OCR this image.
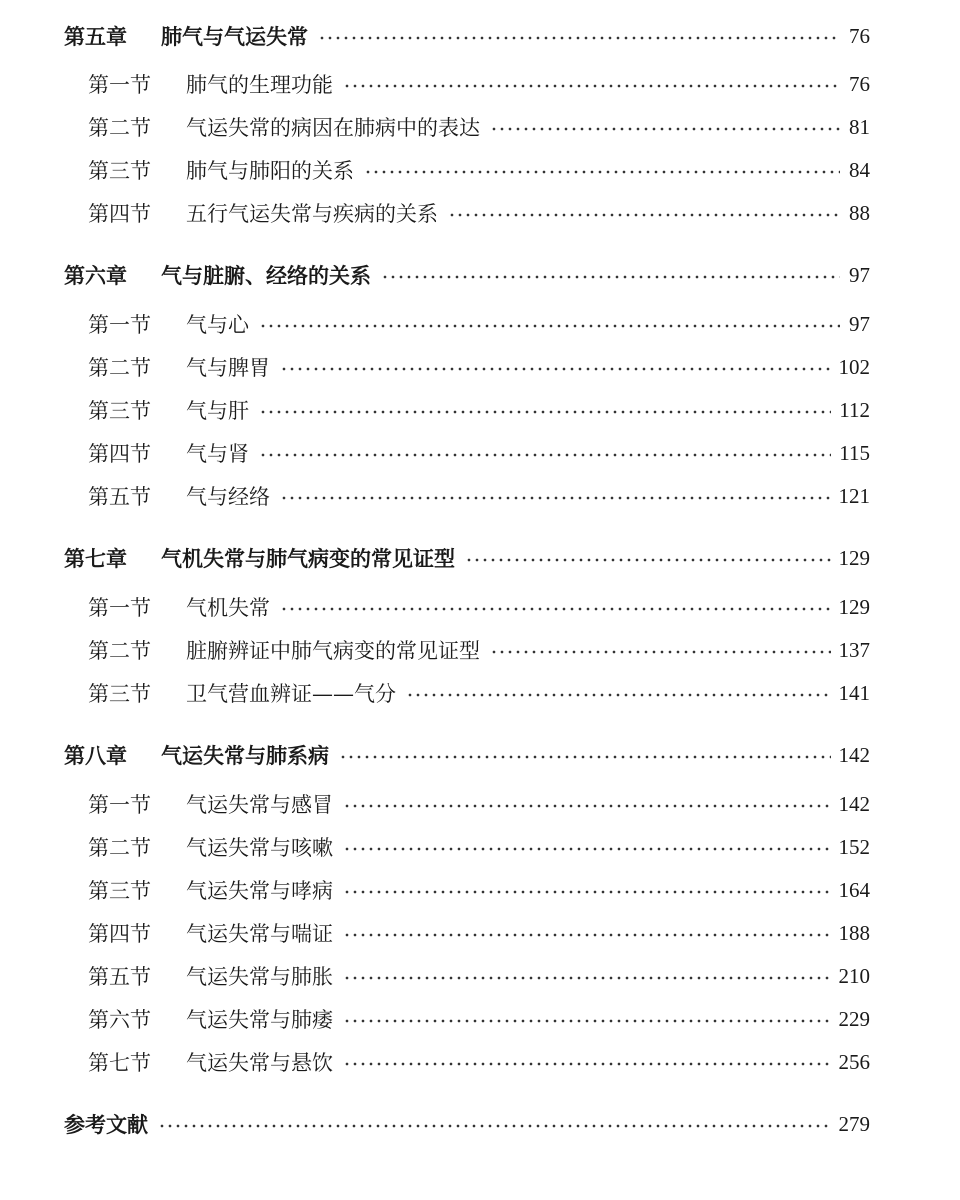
第五章	肺气与气运失常	76
第一节	肺气的生理功能	76
第二节	气运失常的病因在肺病中的表达	81
第三节	肺气与肺阳的关系	84
第四节	五行气运失常与疾病的关系	88
第六章	气与脏腑、经络的关系	97
第一节	气与心	97
第二节	气与脾胃	102
第三节	气与肝	112
第四节	气与肾	115
第五节	气与经络	121
第七章	气机失常与肺气病变的常见证型	129
第一节	气机失常	129
第二节	脏腑辨证中肺气病变的常见证型	137
第三节	卫气营血辨证——气分	141
第八章	气运失常与肺系病	142
第一节	气运失常与感冒	142
第二节	气运失常与咳嗽	152
第三节	气运失常与哮病	164
第四节	气运失常与喘证	188
第五节	气运失常与肺胀	210
第六节	气运失常与肺痿	229
第七节	气运失常与悬饮	256
参考文献	279
